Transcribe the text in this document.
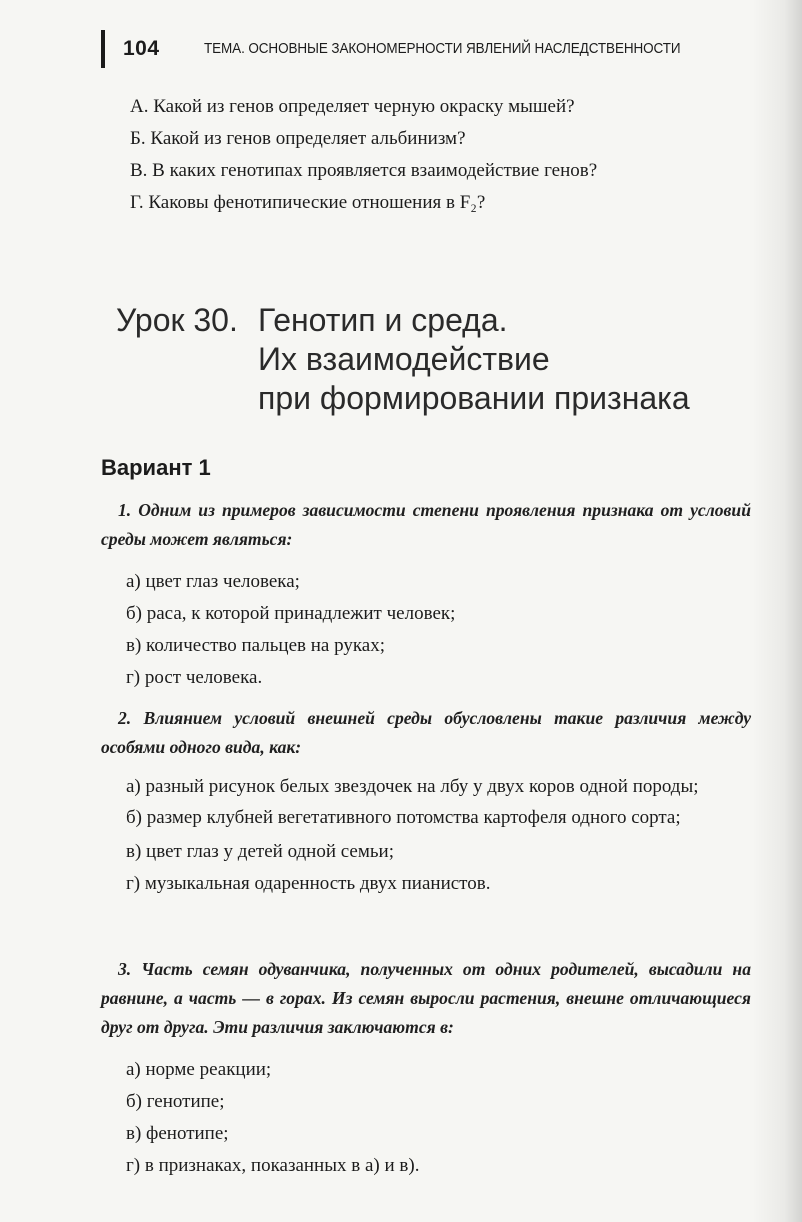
104	ТЕМА. ОСНОВНЫЕ ЗАКОНОМЕРНОСТИ ЯВЛЕНИЙ НАСЛЕДСТВЕННОСТИ
А. Какой из генов определяет черную окраску мышей?
Б. Какой из генов определяет альбинизм?
В. В каких генотипах проявляется взаимодействие генов?
Г. Каковы фенотипические отношения в F₂?
Урок 30. Генотип и среда.
Их взаимодействие
при формировании признака
Вариант 1
1. Одним из примеров зависимости степени проявления признака от условий среды может являться:
а) цвет глаз человека;
б) раса, к которой принадлежит человек;
в) количество пальцев на руках;
г) рост человека.
2. Влиянием условий внешней среды обусловлены такие различия между особями одного вида, как:
а) разный рисунок белых звездочек на лбу у двух коров одной породы;
б) размер клубней вегетативного потомства картофеля одного сорта;
в) цвет глаз у детей одной семьи;
г) музыкальная одаренность двух пианистов.
3. Часть семян одуванчика, полученных от одних родителей, высадили на равнине, а часть — в горах. Из семян выросли растения, внешне отличающиеся друг от друга. Эти различия заключаются в:
а) норме реакции;
б) генотипе;
в) фенотипе;
г) в признаках, показанных в а) и в).
